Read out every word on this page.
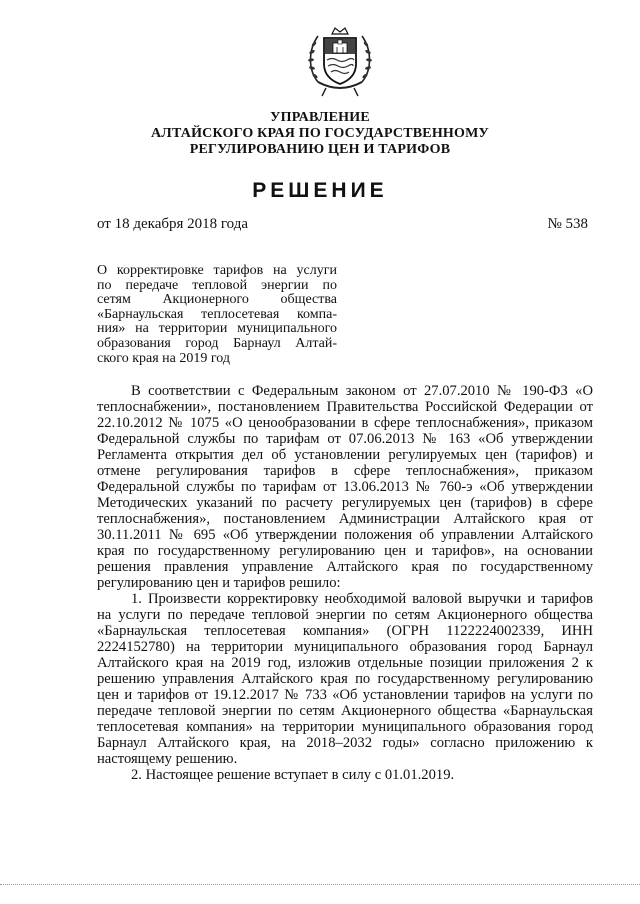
УПРАВЛЕНИЕ
АЛТАЙСКОГО КРАЯ ПО ГОСУДАРСТВЕННОМУ
РЕГУЛИРОВАНИЮ ЦЕН И ТАРИФОВ
РЕШЕНИЕ
от 18 декабря 2018 года	№ 538
О корректировке тарифов на услуги
по передаче тепловой энергии по
сетям Акционерного общества
«Барнаульская теплосетевая компа-
ния» на территории муниципального
образования город Барнаул Алтай-
ского края на 2019 год
В соответствии с Федеральным законом от 27.07.2010 № 190-ФЗ «О
теплоснабжении», постановлением Правительства Российской Федерации от
22.10.2012 № 1075 «О ценообразовании в сфере теплоснабжения», приказом
Федеральной службы по тарифам от 07.06.2013 № 163 «Об утверждении
Регламента открытия дел об установлении регулируемых цен (тарифов) и
отмене регулирования тарифов в сфере теплоснабжения», приказом
Федеральной службы по тарифам от 13.06.2013 № 760-э «Об утверждении
Методических указаний по расчету регулируемых цен (тарифов) в сфере
теплоснабжения», постановлением Администрации Алтайского края от
30.11.2011 № 695 «Об утверждении положения об управлении Алтайского
края по государственному регулированию цен и тарифов», на основании
решения правления управление Алтайского края по государственному
регулированию цен и тарифов решило:
1. Произвести корректировку необходимой валовой выручки и тарифов
на услуги по передаче тепловой энергии по сетям Акционерного общества
«Барнаульская теплосетевая компания» (ОГРН 1122224002339, ИНН
2224152780) на территории муниципального образования город Барнаул
Алтайского края на 2019 год, изложив отдельные позиции приложения 2 к
решению управления Алтайского края по государственному регулированию
цен и тарифов от 19.12.2017 № 733 «Об установлении тарифов на услуги по
передаче тепловой энергии по сетям Акционерного общества «Барнаульская
теплосетевая компания» на территории муниципального образования город
Барнаул Алтайского края, на 2018–2032 годы» согласно приложению к
настоящему решению.
2. Настоящее решение вступает в силу с 01.01.2019.
